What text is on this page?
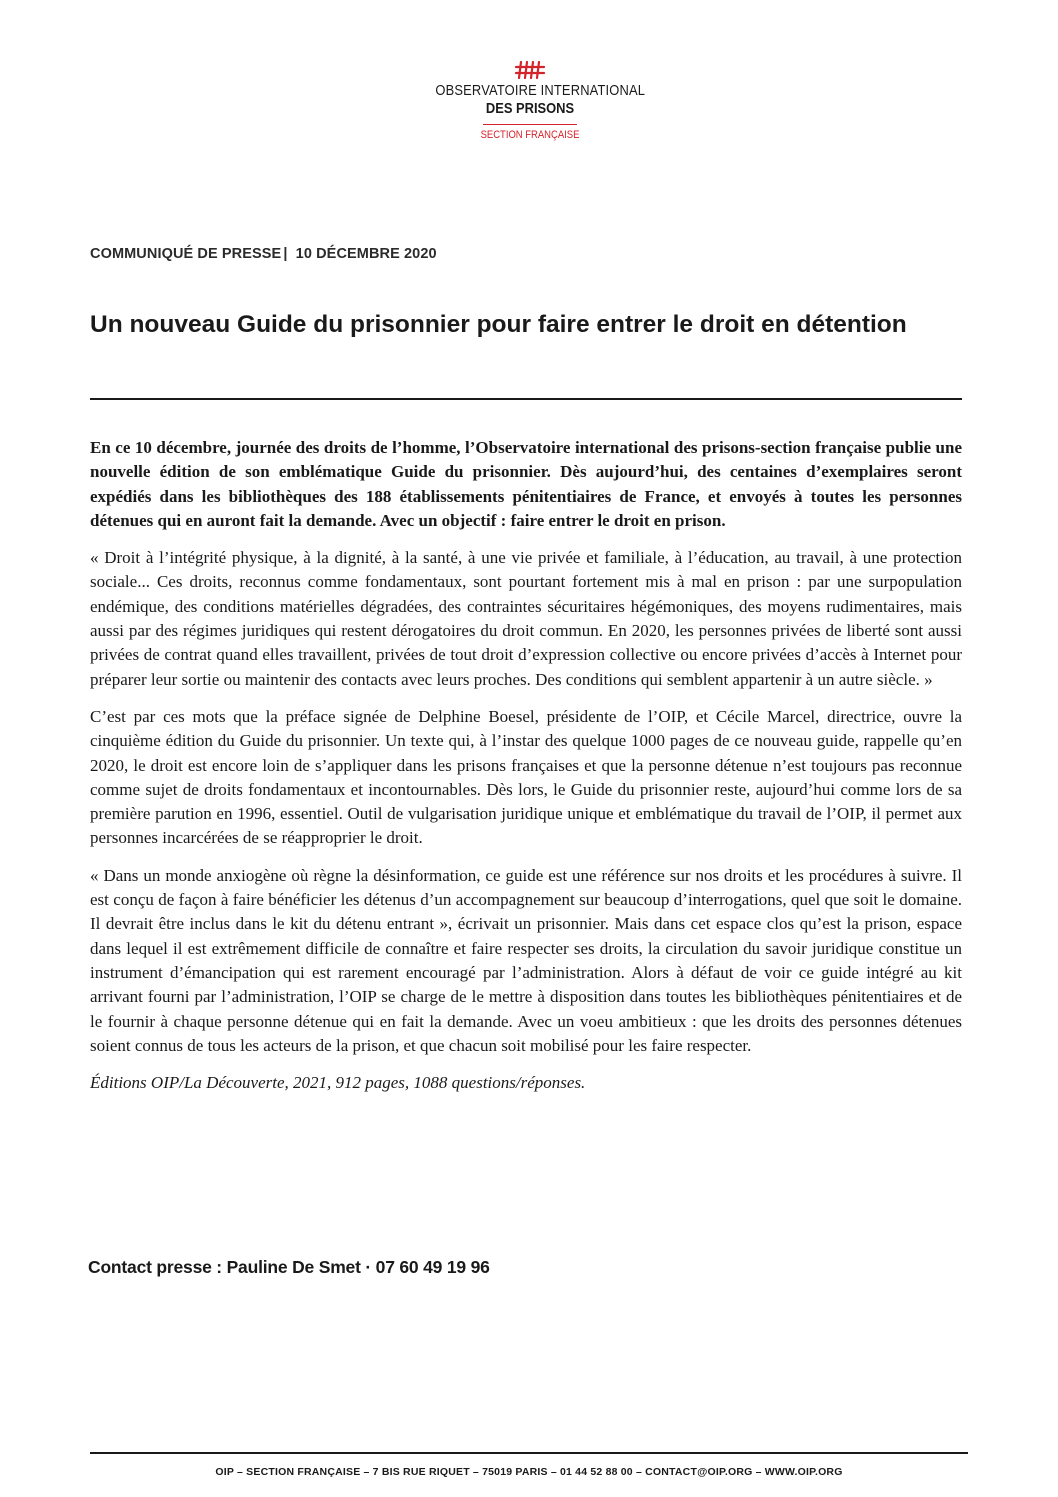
OBSERVATOIRE INTERNATIONAL
DES PRISONS
SECTION FRANÇAISE
COMMUNIQUÉ DE PRESSE | 10 DÉCEMBRE 2020
Un nouveau Guide du prisonnier pour faire entrer le droit en détention

En ce 10 décembre, journée des droits de l’homme, l’Observatoire international des prisons-section française publie une nouvelle édition de son emblématique Guide du prisonnier. Dès aujourd’hui, des centaines d’exemplaires seront expédiés dans les bibliothèques des 188 établissements pénitentiaires de France, et envoyés à toutes les personnes détenues qui en auront fait la demande. Avec un objectif : faire entrer le droit en prison.

« Droit à l’intégrité physique, à la dignité, à la santé, à une vie privée et familiale, à l’éducation, au travail, à une protection sociale... Ces droits, reconnus comme fondamentaux, sont pourtant fortement mis à mal en prison : par une surpopulation endémique, des conditions matérielles dégradées, des contraintes sécuritaires hégémoniques, des moyens rudimentaires, mais aussi par des régimes juridiques qui restent dérogatoires du droit commun. En 2020, les personnes privées de liberté sont aussi privées de contrat quand elles travaillent, privées de tout droit d’expression collective ou encore privées d’accès à Internet pour préparer leur sortie ou maintenir des contacts avec leurs proches. Des conditions qui semblent appartenir à un autre siècle. »

C’est par ces mots que la préface signée de Delphine Boesel, présidente de l’OIP, et Cécile Marcel, directrice, ouvre la cinquième édition du Guide du prisonnier. Un texte qui, à l’instar des quelque 1000 pages de ce nouveau guide, rappelle qu’en 2020, le droit est encore loin de s’appliquer dans les prisons françaises et que la personne détenue n’est toujours pas reconnue comme sujet de droits fondamentaux et incontournables. Dès lors, le Guide du prisonnier reste, aujourd’hui comme lors de sa première parution en 1996, essentiel. Outil de vulgarisation juridique unique et emblématique du travail de l’OIP, il permet aux personnes incarcérées de se réapproprier le droit.

« Dans un monde anxiogène où règne la désinformation, ce guide est une référence sur nos droits et les procédures à suivre. Il est conçu de façon à faire bénéficier les détenus d’un accompagnement sur beaucoup d’interrogations, quel que soit le domaine. Il devrait être inclus dans le kit du détenu entrant », écrivait un prisonnier. Mais dans cet espace clos qu’est la prison, espace dans lequel il est extrêmement difficile de connaître et faire respecter ses droits, la circulation du savoir juridique constitue un instrument d’émancipation qui est rarement encouragé par l’administration. Alors à défaut de voir ce guide intégré au kit arrivant fourni par l’administration, l’OIP se charge de le mettre à disposition dans toutes les bibliothèques pénitentiaires et de le fournir à chaque personne détenue qui en fait la demande. Avec un voeu ambitieux : que les droits des personnes détenues soient connus de tous les acteurs de la prison, et que chacun soit mobilisé pour les faire respecter.

Éditions OIP/La Découverte, 2021, 912 pages, 1088 questions/réponses.

Contact presse : Pauline De Smet · 07 60 49 19 96
OIP – SECTION FRANÇAISE – 7 BIS RUE RIQUET – 75019 PARIS – 01 44 52 88 00 – CONTACT@OIP.ORG – WWW.OIP.ORG
